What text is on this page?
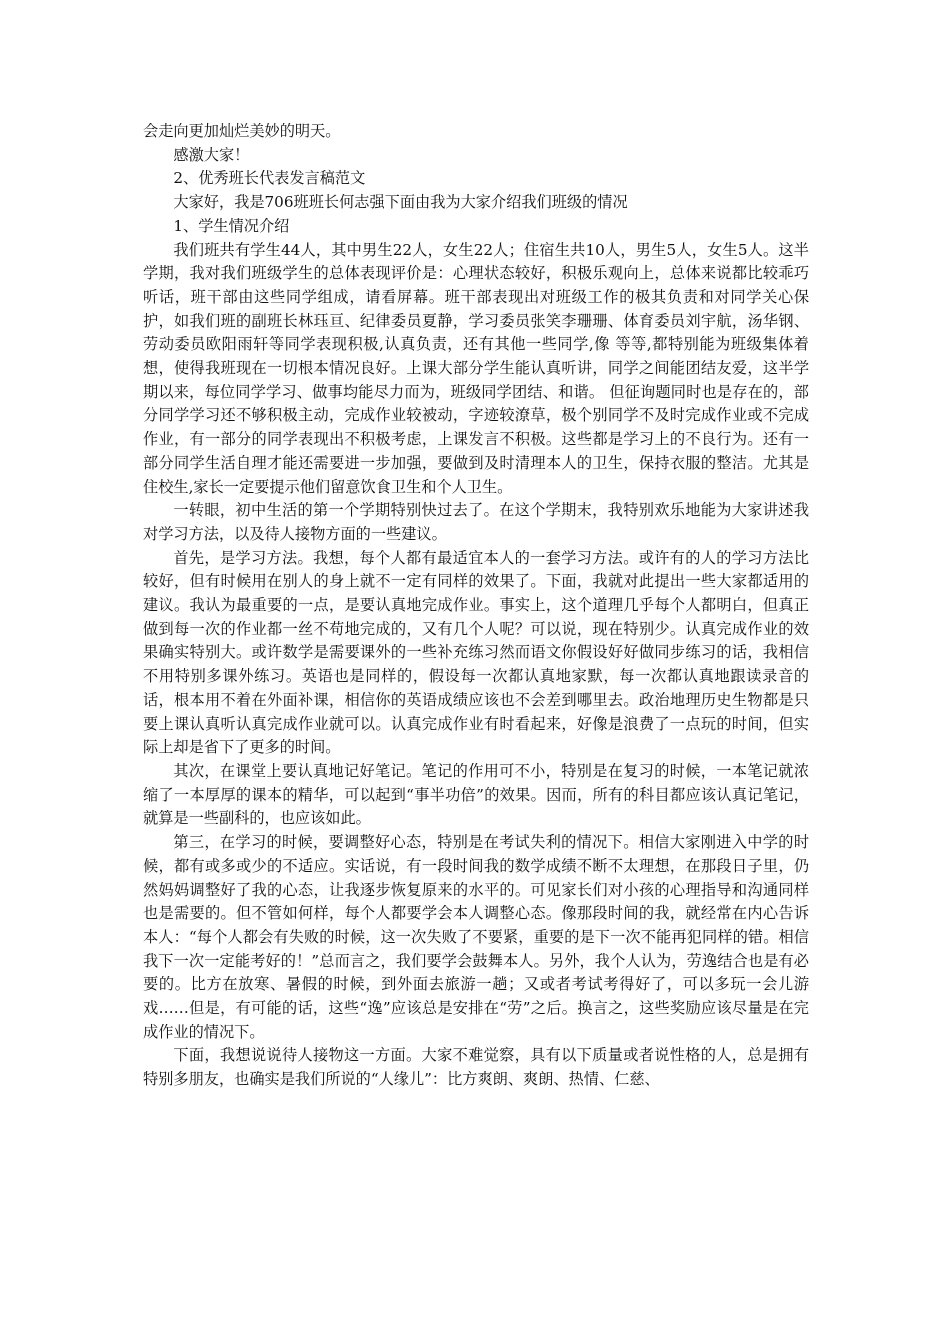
会走向更加灿烂美妙的明天。

感激大家！

2、优秀班长代表发言稿范文

大家好，我是706班班长何志强下面由我为大家介绍我们班级的情况

1、学生情况介绍

我们班共有学生44人，其中男生22人，女生22人；住宿生共10人，男生5人，女生5人。这半学期，我对我们班级学生的总体表现评价是：心理状态较好，积极乐观向上，总体来说都比较乖巧听话，班干部由这些同学组成，请看屏幕。班干部表现出对班级工作的极其负责和对同学关心保护，如我们班的副班长林珏亘、纪律委员夏静，学习委员张笑李珊珊、体育委员刘宇航，汤华钢、劳动委员欧阳雨轩等同学表现积极,认真负责，还有其他一些同学,像 等等,都特别能为班级集体着想，使得我班现在一切根本情况良好。上课大部分学生能认真听讲，同学之间能团结友爱，这半学期以来，每位同学学习、做事均能尽力而为，班级同学团结、和谐。 但征询题同时也是存在的，部分同学学习还不够积极主动，完成作业较被动，字迹较潦草，极个别同学不及时完成作业或不完成作业，有一部分的同学表现出不积极考虑，上课发言不积极。这些都是学习上的不良行为。还有一部分同学生活自理才能还需要进一步加强，要做到及时清理本人的卫生，保持衣服的整洁。尤其是住校生,家长一定要提示他们留意饮食卫生和个人卫生。

一转眼，初中生活的第一个学期特别快过去了。在这个学期末，我特别欢乐地能为大家讲述我对学习方法，以及待人接物方面的一些建议。

首先，是学习方法。我想，每个人都有最适宜本人的一套学习方法。或许有的人的学习方法比较好，但有时候用在别人的身上就不一定有同样的效果了。下面，我就对此提出一些大家都适用的建议。我认为最重要的一点，是要认真地完成作业。事实上，这个道理几乎每个人都明白，但真正做到每一次的作业都一丝不苟地完成的，又有几个人呢？可以说，现在特别少。认真完成作业的效果确实特别大。或许数学是需要课外的一些补充练习然而语文你假设好好做同步练习的话，我相信不用特别多课外练习。英语也是同样的，假设每一次都认真地家默，每一次都认真地跟读录音的话，根本用不着在外面补课，相信你的英语成绩应该也不会差到哪里去。政治地理历史生物都是只要上课认真听认真完成作业就可以。认真完成作业有时看起来，好像是浪费了一点玩的时间，但实际上却是省下了更多的时间。

其次，在课堂上要认真地记好笔记。笔记的作用可不小，特别是在复习的时候，一本笔记就浓缩了一本厚厚的课本的精华，可以起到“事半功倍”的效果。因而，所有的科目都应该认真记笔记，就算是一些副科的，也应该如此。

第三，在学习的时候，要调整好心态，特别是在考试失利的情况下。相信大家刚进入中学的时候，都有或多或少的不适应。实话说，有一段时间我的数学成绩不断不太理想，在那段日子里，仍然妈妈调整好了我的心态，让我逐步恢复原来的水平的。可见家长们对小孩的心理指导和沟通同样也是需要的。但不管如何样，每个人都要学会本人调整心态。像那段时间的我，就经常在内心告诉本人：“每个人都会有失败的时候，这一次失败了不要紧，重要的是下一次不能再犯同样的错。相信我下一次一定能考好的！”总而言之，我们要学会鼓舞本人。另外，我个人认为，劳逸结合也是有必要的。比方在放寒、暑假的时候，到外面去旅游一趟；又或者考试考得好了，可以多玩一会儿游戏……但是，有可能的话，这些“逸”应该总是安排在“劳”之后。换言之，这些奖励应该尽量是在完成作业的情况下。

下面，我想说说待人接物这一方面。大家不难觉察，具有以下质量或者说性格的人，总是拥有特别多朋友，也确实是我们所说的“人缘儿”：比方爽朗、爽朗、热情、仁慈、
